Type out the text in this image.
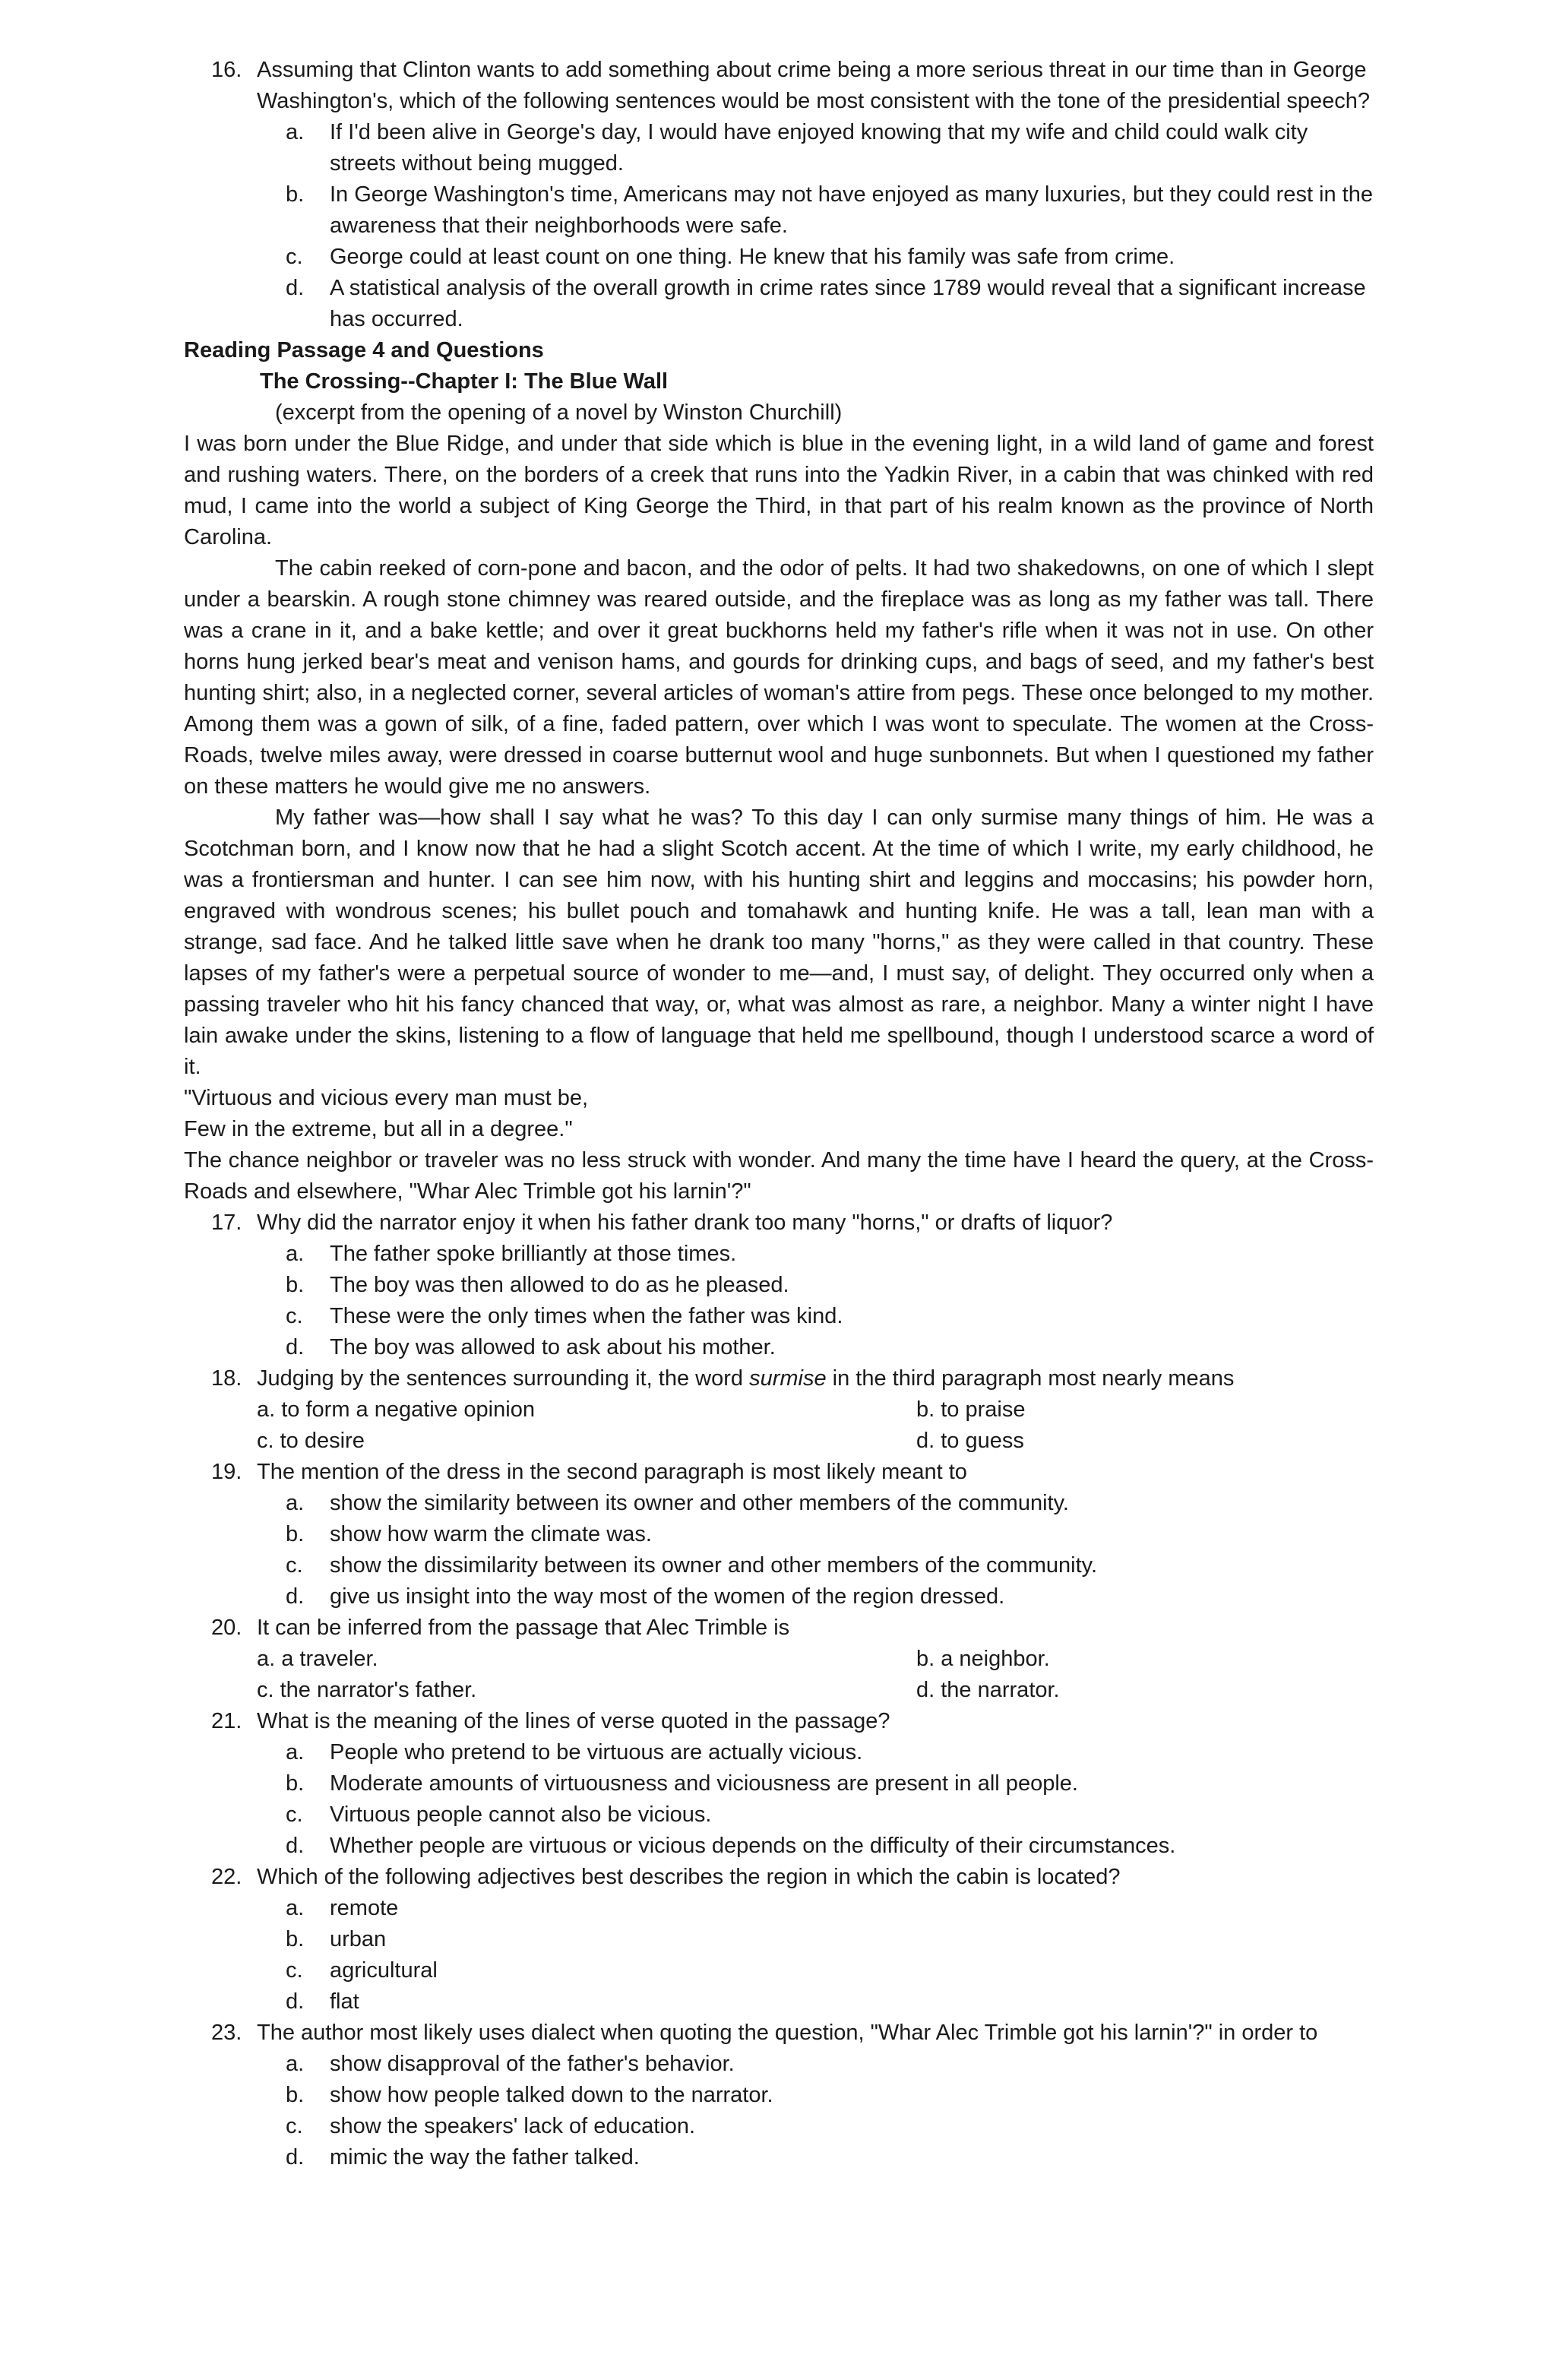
16. Assuming that Clinton wants to add something about crime being a more serious threat in our time than in George Washington's, which of the following sentences would be most consistent with the tone of the presidential speech?
a. If I'd been alive in George's day, I would have enjoyed knowing that my wife and child could walk city streets without being mugged.
b. In George Washington's time, Americans may not have enjoyed as many luxuries, but they could rest in the awareness that their neighborhoods were safe.
c. George could at least count on one thing. He knew that his family was safe from crime.
d. A statistical analysis of the overall growth in crime rates since 1789 would reveal that a significant increase has occurred.
Reading Passage 4 and Questions
The Crossing--Chapter I: The Blue Wall
(excerpt from the opening of a novel by Winston Churchill)
I was born under the Blue Ridge, and under that side which is blue in the evening light, in a wild land of game and forest and rushing waters. There, on the borders of a creek that runs into the Yadkin River, in a cabin that was chinked with red mud, I came into the world a subject of King George the Third, in that part of his realm known as the province of North Carolina.
The cabin reeked of corn-pone and bacon, and the odor of pelts. It had two shakedowns, on one of which I slept under a bearskin. A rough stone chimney was reared outside, and the fireplace was as long as my father was tall. There was a crane in it, and a bake kettle; and over it great buckhorns held my father's rifle when it was not in use. On other horns hung jerked bear's meat and venison hams, and gourds for drinking cups, and bags of seed, and my father's best hunting shirt; also, in a neglected corner, several articles of woman's attire from pegs. These once belonged to my mother. Among them was a gown of silk, of a fine, faded pattern, over which I was wont to speculate. The women at the Cross-Roads, twelve miles away, were dressed in coarse butternut wool and huge sunbonnets. But when I questioned my father on these matters he would give me no answers.
My father was—how shall I say what he was? To this day I can only surmise many things of him. He was a Scotchman born, and I know now that he had a slight Scotch accent. At the time of which I write, my early childhood, he was a frontiersman and hunter. I can see him now, with his hunting shirt and leggins and moccasins; his powder horn, engraved with wondrous scenes; his bullet pouch and tomahawk and hunting knife. He was a tall, lean man with a strange, sad face. And he talked little save when he drank too many "horns," as they were called in that country. These lapses of my father's were a perpetual source of wonder to me—and, I must say, of delight. They occurred only when a passing traveler who hit his fancy chanced that way, or, what was almost as rare, a neighbor. Many a winter night I have lain awake under the skins, listening to a flow of language that held me spellbound, though I understood scarce a word of it.
"Virtuous and vicious every man must be,
Few in the extreme, but all in a degree."
The chance neighbor or traveler was no less struck with wonder. And many the time have I heard the query, at the Cross-Roads and elsewhere, "Whar Alec Trimble got his larnin'?"
17. Why did the narrator enjoy it when his father drank too many "horns," or drafts of liquor?
a. The father spoke brilliantly at those times.
b. The boy was then allowed to do as he pleased.
c. These were the only times when the father was kind.
d. The boy was allowed to ask about his mother.
18. Judging by the sentences surrounding it, the word surmise in the third paragraph most nearly means
a. to form a negative opinion	b. to praise
c. to desire	d. to guess
19. The mention of the dress in the second paragraph is most likely meant to
a. show the similarity between its owner and other members of the community.
b. show how warm the climate was.
c. show the dissimilarity between its owner and other members of the community.
d. give us insight into the way most of the women of the region dressed.
20. It can be inferred from the passage that Alec Trimble is
a. a traveler.	b. a neighbor.
c. the narrator's father.	d. the narrator.
21. What is the meaning of the lines of verse quoted in the passage?
a. People who pretend to be virtuous are actually vicious.
b. Moderate amounts of virtuousness and viciousness are present in all people.
c. Virtuous people cannot also be vicious.
d. Whether people are virtuous or vicious depends on the difficulty of their circumstances.
22. Which of the following adjectives best describes the region in which the cabin is located?
a. remote
b. urban
c. agricultural
d. flat
23. The author most likely uses dialect when quoting the question, "Whar Alec Trimble got his larnin'?" in order to
a. show disapproval of the father's behavior.
b. show how people talked down to the narrator.
c. show the speakers' lack of education.
d. mimic the way the father talked.
